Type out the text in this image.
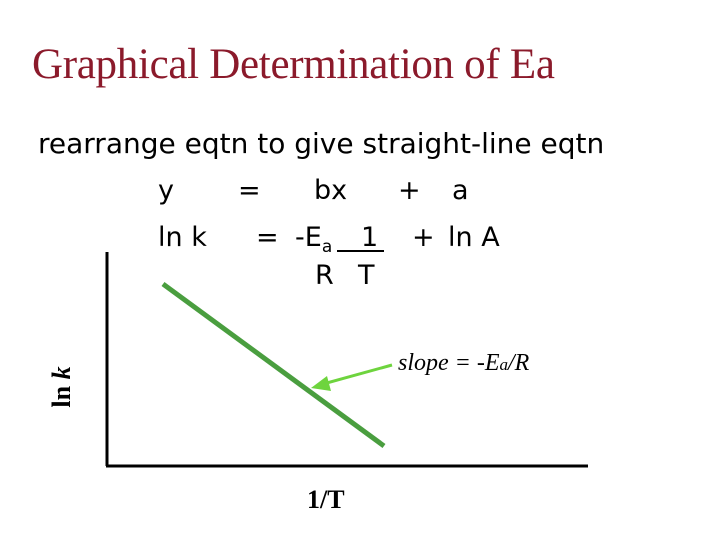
Graphical Determination of Ea
rearrange eqtn to give straight-line eqtn
y = bx + a
$\ln k = -E_a$ 1 + ln A
R T
ln k	slope = -Ea/R
1/T
